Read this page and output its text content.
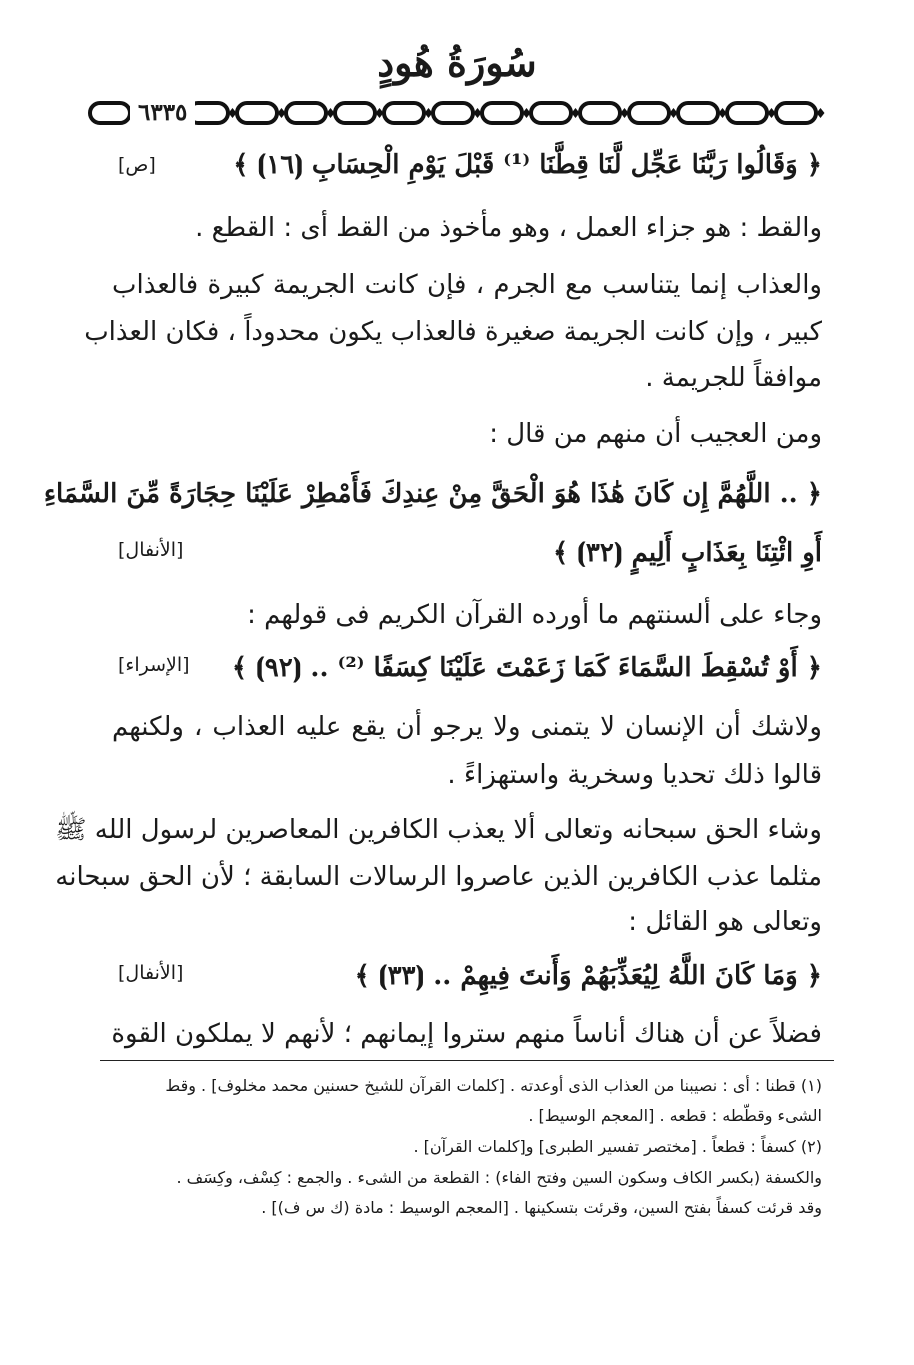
سُورَةُ هُودٍ
٦٣٣٥
﴿ وَقَالُوا رَبَّنَا عَجِّل لَّنَا قِطَّنَا ⁽¹⁾ قَبْلَ يَوْمِ الْحِسَابِ ⦗١٦⦘ ﴾
[ص]
والقط : هو جزاء العمل ، وهو مأخوذ من القط أى : القطع .
والعذاب إنما يتناسب مع الجرم ، فإن كانت الجريمة كبيرة فالعذاب
كبير ، وإن كانت الجريمة صغيرة فالعذاب يكون محدوداً ، فكان العذاب
موافقاً للجريمة .
ومن العجيب أن منهم من قال :
﴿ .. اللَّهُمَّ إِن كَانَ هَٰذَا هُوَ الْحَقَّ مِنْ عِندِكَ فَأَمْطِرْ عَلَيْنَا حِجَارَةً مِّنَ السَّمَاءِ
أَوِ ائْتِنَا بِعَذَابٍ أَلِيمٍ ⦗٣٢⦘ ﴾
[الأنفال]
وجاء على ألسنتهم ما أورده القرآن الكريم فى قولهم :
﴿ أَوْ تُسْقِطَ السَّمَاءَ كَمَا زَعَمْتَ عَلَيْنَا كِسَفًا ⁽²⁾ .. ⦗٩٢⦘ ﴾
[الإسراء]
ولاشك أن الإنسان لا يتمنى ولا يرجو أن يقع عليه العذاب ، ولكنهم
قالوا ذلك تحديا وسخرية واستهزاءً .
وشاء الحق سبحانه وتعالى ألا يعذب الكافرين المعاصرين لرسول الله ﷺ
مثلما عذب الكافرين الذين عاصروا الرسالات السابقة ؛ لأن الحق سبحانه
وتعالى هو القائل :
﴿ وَمَا كَانَ اللَّهُ لِيُعَذِّبَهُمْ وَأَنتَ فِيهِمْ .. ⦗٣٣⦘ ﴾
[الأنفال]
فضلاً عن أن هناك أناساً منهم ستروا إيمانهم ؛ لأنهم لا يملكون القوة
(١) قطنا : أى : نصيبنا من العذاب الذى أوعدته . [كلمات القرآن للشيخ حسنين محمد مخلوف] . وقط
الشىء وقطّطه : قطعه . [المعجم الوسيط] .
(٢) كسفاً : قطعاً . [مختصر تفسير الطبرى] و[كلمات القرآن] .
والكسفة (بكسر الكاف وسكون السين وفتح الفاء) : القطعة من الشىء . والجمع : كِسْف، وكِسَف .
وقد قرئت كسفاً بفتح السين، وقرئت بتسكينها . [المعجم الوسيط : مادة (ك س ف)] .
